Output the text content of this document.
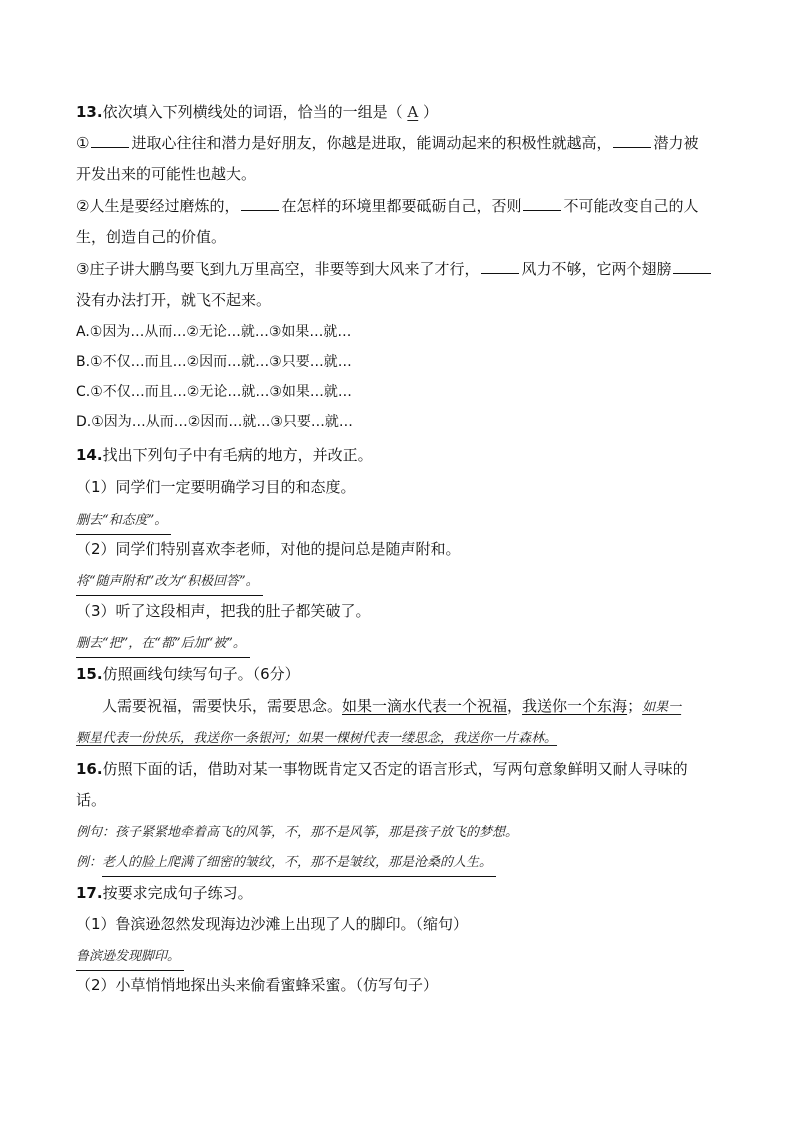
13.依次填入下列横线处的词语，恰当的一组是（ A ）
①	进取心往往和潜力是好朋友，你越是进取，能调动起来的积极性就越高，	潜力被
开发出来的可能性也越大。
②人生是要经过磨炼的，	在怎样的环境里都要砥砺自己，否则	不可能改变自己的人
生，创造自己的价值。
③庄子讲大鹏鸟要飞到九万里高空，非要等到大风来了才行，	风力不够，它两个翅膀
没有办法打开，就飞不起来。
A.①因为…从而…②无论…就…③如果…就…
B.①不仅…而且…②因而…就…③只要…就…
C.①不仅…而且…②无论…就…③如果…就…
D.①因为…从而…②因而…就…③只要…就…
14.找出下列句子中有毛病的地方，并改正。
（1）同学们一定要明确学习目的和态度。
删去“和态度”。
（2）同学们特别喜欢李老师，对他的提问总是随声附和。
将“随声附和”改为“积极回答”。
（3）听了这段相声，把我的肚子都笑破了。
删去“把”，在“都”后加“被”。
15.仿照画线句续写句子。（6分）
人需要祝福，需要快乐，需要思念。如果一滴水代表一个祝福，我送你一个东海；如果一
颗星代表一份快乐，我送你一条银河；如果一棵树代表一缕思念，我送你一片森林。
16.仿照下面的话，借助对某一事物既肯定又否定的语言形式，写两句意象鲜明又耐人寻味的
话。
例句：孩子紧紧地牵着高飞的风筝，不，那不是风筝，那是孩子放飞的梦想。
例：老人的脸上爬满了细密的皱纹，不，那不是皱纹，那是沧桑的人生。
17.按要求完成句子练习。
（1）鲁滨逊忽然发现海边沙滩上出现了人的脚印。（缩句）
鲁滨逊发现脚印。
（2）小草悄悄地探出头来偷看蜜蜂采蜜。（仿写句子）
